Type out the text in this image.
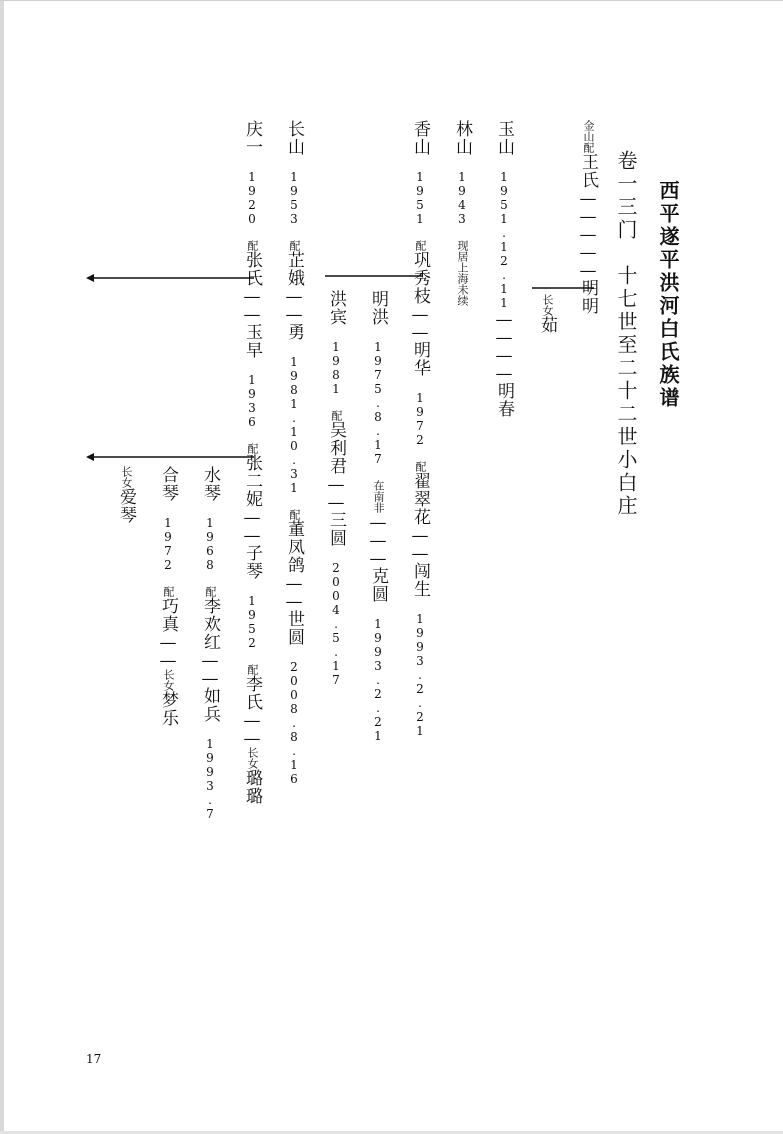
西平遂平洪河白氏族谱
卷一三门　十七世至二十二世小白庄
金山配王氏—————明明
长女茹
玉山 1951.12.11————明春
林山 1943 现居上海未续
香山 1951 配巩秀枝——明华 1972 配翟翠花——闯生 1993.2.21
明洪 1975.8.17 在南非———克圆 1993.2.21
洪宾 1981 配吴利君——三圆 2004.5.17
长山 1953 配芷娥——勇 1981.10.31 配董凤鸽——世圆 2008.8.16
庆一 1920 配张氏——玉早 1936 配张二妮——子琴 1952 配李氏——长女璐璐
水琴 1968 配李欢红——如兵 1993.7
合琴 1972 配巧真——长女梦乐
长女爱琴
17
